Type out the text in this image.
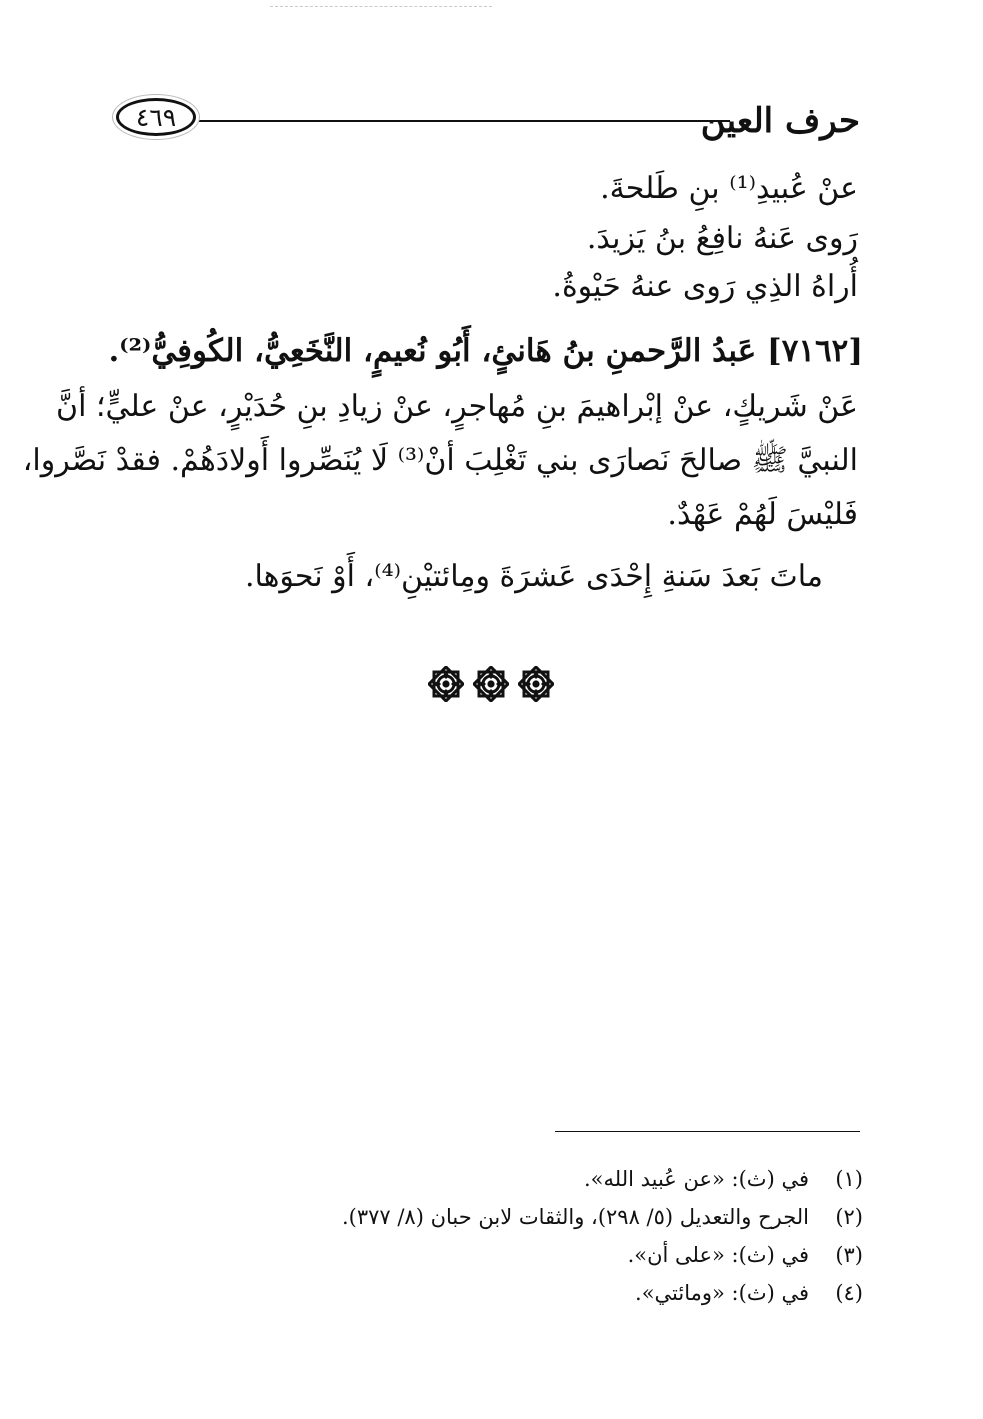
حرف العين
٤٦٩
عنْ عُبيدِ⁽¹⁾ بنِ طَلحةَ.
رَوى عَنهُ نافِعُ بنُ يَزيدَ.
أُراهُ الذِي رَوى عنهُ حَيْوةُ.
[٧١٦٢] عَبدُ الرَّحمنِ بنُ هَانئٍ، أَبُو نُعيمٍ، النَّخَعِيُّ، الكُوفِيُّ⁽²⁾.
عَنْ شَريكٍ، عنْ إبْراهيمَ بنِ مُهاجرٍ، عنْ زيادِ بنِ حُدَيْرٍ، عنْ عليٍّ؛ أنَّ
النبيَّ ﷺ صالحَ نَصارَى بني تَغْلِبَ أنْ⁽³⁾ لَا يُنَصِّروا أَولادَهُمْ. فقدْ نَصَّروا،
فَليْسَ لَهُمْ عَهْدٌ.
ماتَ بَعدَ سَنةِ إِحْدَى عَشرَةَ ومِائتيْنِ⁽⁴⁾، أَوْ نَحوَها.
(١)
في (ث): «عن عُبيد الله».
(٢)
الجرح والتعديل (٥/ ٢٩٨)، والثقات لابن حبان (٨/ ٣٧٧).
(٣)
في (ث): «على أن».
(٤)
في (ث): «ومائتي».
